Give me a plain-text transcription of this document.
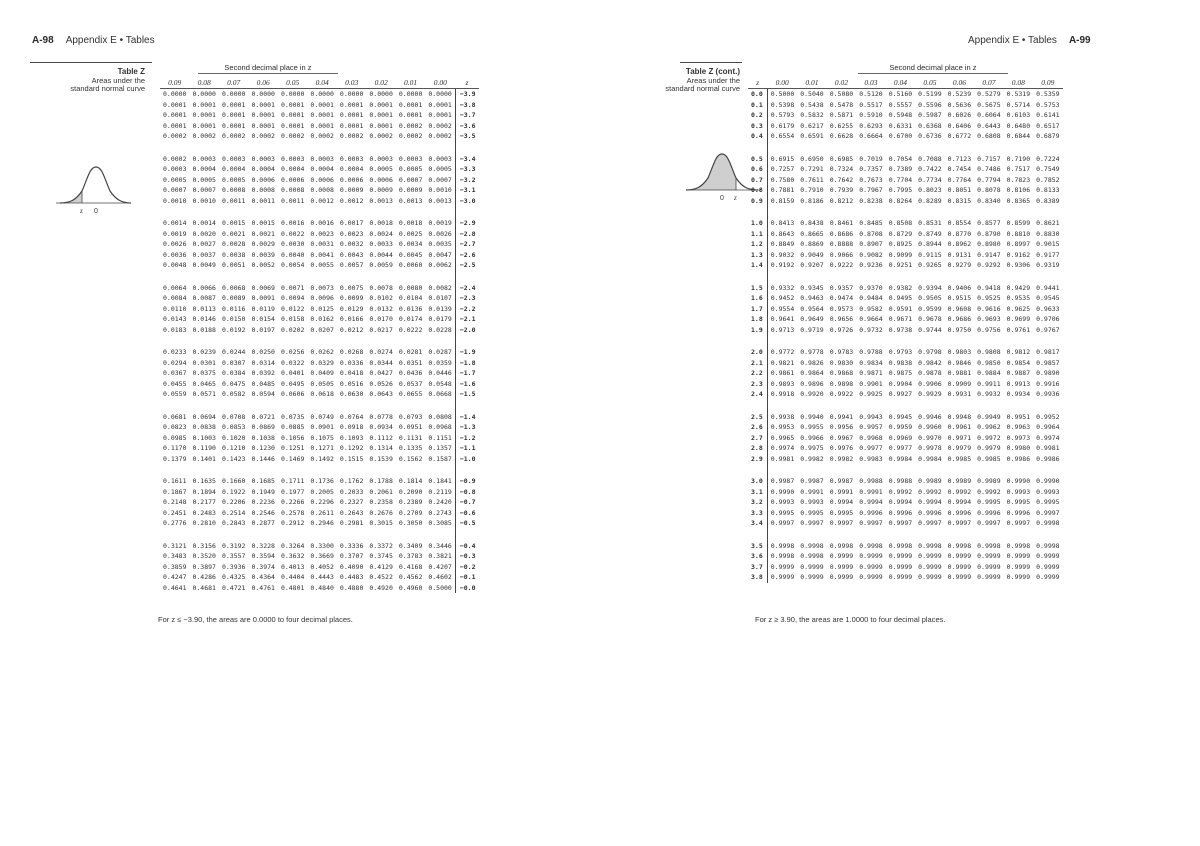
A-98 Appendix E • Tables	Appendix E • Tables A-99
Table Z
Areas under the
standard normal curve
z 0
Second decimal place in z
0.09	0.08	0.07	0.06	0.05	0.04	0.03	0.02	0.01	0.00	z
0.0000	0.0000	0.0000	0.0000	0.0000	0.0000	0.0000	0.0000	0.0000	0.0000	−3.9
0.0001	0.0001	0.0001	0.0001	0.0001	0.0001	0.0001	0.0001	0.0001	0.0001	−3.8
0.0001	0.0001	0.0001	0.0001	0.0001	0.0001	0.0001	0.0001	0.0001	0.0001	−3.7
0.0001	0.0001	0.0001	0.0001	0.0001	0.0001	0.0001	0.0001	0.0002	0.0002	−3.6
0.0002	0.0002	0.0002	0.0002	0.0002	0.0002	0.0002	0.0002	0.0002	0.0002	−3.5
0.0002	0.0003	0.0003	0.0003	0.0003	0.0003	0.0003	0.0003	0.0003	0.0003	−3.4
0.0003	0.0004	0.0004	0.0004	0.0004	0.0004	0.0004	0.0005	0.0005	0.0005	−3.3
0.0005	0.0005	0.0005	0.0006	0.0006	0.0006	0.0006	0.0006	0.0007	0.0007	−3.2
0.0007	0.0007	0.0008	0.0008	0.0008	0.0008	0.0009	0.0009	0.0009	0.0010	−3.1
0.0010	0.0010	0.0011	0.0011	0.0011	0.0012	0.0012	0.0013	0.0013	0.0013	−3.0
0.0014	0.0014	0.0015	0.0015	0.0016	0.0016	0.0017	0.0018	0.0018	0.0019	−2.9
0.0019	0.0020	0.0021	0.0021	0.0022	0.0023	0.0023	0.0024	0.0025	0.0026	−2.8
0.0026	0.0027	0.0028	0.0029	0.0030	0.0031	0.0032	0.0033	0.0034	0.0035	−2.7
0.0036	0.0037	0.0038	0.0039	0.0040	0.0041	0.0043	0.0044	0.0045	0.0047	−2.6
0.0048	0.0049	0.0051	0.0052	0.0054	0.0055	0.0057	0.0059	0.0060	0.0062	−2.5
0.0064	0.0066	0.0068	0.0069	0.0071	0.0073	0.0075	0.0078	0.0080	0.0082	−2.4
0.0084	0.0087	0.0089	0.0091	0.0094	0.0096	0.0099	0.0102	0.0104	0.0107	−2.3
0.0110	0.0113	0.0116	0.0119	0.0122	0.0125	0.0129	0.0132	0.0136	0.0139	−2.2
0.0143	0.0146	0.0150	0.0154	0.0158	0.0162	0.0166	0.0170	0.0174	0.0179	−2.1
0.0183	0.0188	0.0192	0.0197	0.0202	0.0207	0.0212	0.0217	0.0222	0.0228	−2.0
0.0233	0.0239	0.0244	0.0250	0.0256	0.0262	0.0268	0.0274	0.0281	0.0287	−1.9
0.0294	0.0301	0.0307	0.0314	0.0322	0.0329	0.0336	0.0344	0.0351	0.0359	−1.8
0.0367	0.0375	0.0384	0.0392	0.0401	0.0409	0.0418	0.0427	0.0436	0.0446	−1.7
0.0455	0.0465	0.0475	0.0485	0.0495	0.0505	0.0516	0.0526	0.0537	0.0548	−1.6
0.0559	0.0571	0.0582	0.0594	0.0606	0.0618	0.0630	0.0643	0.0655	0.0668	−1.5
0.0681	0.0694	0.0708	0.0721	0.0735	0.0749	0.0764	0.0778	0.0793	0.0808	−1.4
0.0823	0.0838	0.0853	0.0869	0.0885	0.0901	0.0918	0.0934	0.0951	0.0968	−1.3
0.0985	0.1003	0.1020	0.1038	0.1056	0.1075	0.1093	0.1112	0.1131	0.1151	−1.2
0.1170	0.1190	0.1210	0.1230	0.1251	0.1271	0.1292	0.1314	0.1335	0.1357	−1.1
0.1379	0.1401	0.1423	0.1446	0.1469	0.1492	0.1515	0.1539	0.1562	0.1587	−1.0
0.1611	0.1635	0.1660	0.1685	0.1711	0.1736	0.1762	0.1788	0.1814	0.1841	−0.9
0.1867	0.1894	0.1922	0.1949	0.1977	0.2005	0.2033	0.2061	0.2090	0.2119	−0.8
0.2148	0.2177	0.2206	0.2236	0.2266	0.2296	0.2327	0.2358	0.2389	0.2420	−0.7
0.2451	0.2483	0.2514	0.2546	0.2578	0.2611	0.2643	0.2676	0.2709	0.2743	−0.6
0.2776	0.2810	0.2843	0.2877	0.2912	0.2946	0.2981	0.3015	0.3050	0.3085	−0.5
0.3121	0.3156	0.3192	0.3228	0.3264	0.3300	0.3336	0.3372	0.3409	0.3446	−0.4
0.3483	0.3520	0.3557	0.3594	0.3632	0.3669	0.3707	0.3745	0.3783	0.3821	−0.3
0.3859	0.3897	0.3936	0.3974	0.4013	0.4052	0.4090	0.4129	0.4168	0.4207	−0.2
0.4247	0.4286	0.4325	0.4364	0.4404	0.4443	0.4483	0.4522	0.4562	0.4602	−0.1
0.4641	0.4681	0.4721	0.4761	0.4801	0.4840	0.4880	0.4920	0.4960	0.5000	−0.0
For z ≤ −3.90, the areas are 0.0000 to four decimal places.
Table Z (cont.)
Areas under the
standard normal curve
0 z
Second decimal place in z
z	0.00	0.01	0.02	0.03	0.04	0.05	0.06	0.07	0.08	0.09
0.0	0.5000	0.5040	0.5080	0.5120	0.5160	0.5199	0.5239	0.5279	0.5319	0.5359
0.1	0.5398	0.5438	0.5478	0.5517	0.5557	0.5596	0.5636	0.5675	0.5714	0.5753
0.2	0.5793	0.5832	0.5871	0.5910	0.5948	0.5987	0.6026	0.6064	0.6103	0.6141
0.3	0.6179	0.6217	0.6255	0.6293	0.6331	0.6368	0.6406	0.6443	0.6480	0.6517
0.4	0.6554	0.6591	0.6628	0.6664	0.6700	0.6736	0.6772	0.6808	0.6844	0.6879
0.5	0.6915	0.6950	0.6985	0.7019	0.7054	0.7088	0.7123	0.7157	0.7190	0.7224
0.6	0.7257	0.7291	0.7324	0.7357	0.7389	0.7422	0.7454	0.7486	0.7517	0.7549
0.7	0.7580	0.7611	0.7642	0.7673	0.7704	0.7734	0.7764	0.7794	0.7823	0.7852
0.8	0.7881	0.7910	0.7939	0.7967	0.7995	0.8023	0.8051	0.8078	0.8106	0.8133
0.9	0.8159	0.8186	0.8212	0.8238	0.8264	0.8289	0.8315	0.8340	0.8365	0.8389
1.0	0.8413	0.8438	0.8461	0.8485	0.8508	0.8531	0.8554	0.8577	0.8599	0.8621
1.1	0.8643	0.8665	0.8686	0.8708	0.8729	0.8749	0.8770	0.8790	0.8810	0.8830
1.2	0.8849	0.8869	0.8888	0.8907	0.8925	0.8944	0.8962	0.8980	0.8997	0.9015
1.3	0.9032	0.9049	0.9066	0.9082	0.9099	0.9115	0.9131	0.9147	0.9162	0.9177
1.4	0.9192	0.9207	0.9222	0.9236	0.9251	0.9265	0.9279	0.9292	0.9306	0.9319
1.5	0.9332	0.9345	0.9357	0.9370	0.9382	0.9394	0.9406	0.9418	0.9429	0.9441
1.6	0.9452	0.9463	0.9474	0.9484	0.9495	0.9505	0.9515	0.9525	0.9535	0.9545
1.7	0.9554	0.9564	0.9573	0.9582	0.9591	0.9599	0.9608	0.9616	0.9625	0.9633
1.8	0.9641	0.9649	0.9656	0.9664	0.9671	0.9678	0.9686	0.9693	0.9699	0.9706
1.9	0.9713	0.9719	0.9726	0.9732	0.9738	0.9744	0.9750	0.9756	0.9761	0.9767
2.0	0.9772	0.9778	0.9783	0.9788	0.9793	0.9798	0.9803	0.9808	0.9812	0.9817
2.1	0.9821	0.9826	0.9830	0.9834	0.9838	0.9842	0.9846	0.9850	0.9854	0.9857
2.2	0.9861	0.9864	0.9868	0.9871	0.9875	0.9878	0.9881	0.9884	0.9887	0.9890
2.3	0.9893	0.9896	0.9898	0.9901	0.9904	0.9906	0.9909	0.9911	0.9913	0.9916
2.4	0.9918	0.9920	0.9922	0.9925	0.9927	0.9929	0.9931	0.9932	0.9934	0.9936
2.5	0.9938	0.9940	0.9941	0.9943	0.9945	0.9946	0.9948	0.9949	0.9951	0.9952
2.6	0.9953	0.9955	0.9956	0.9957	0.9959	0.9960	0.9961	0.9962	0.9963	0.9964
2.7	0.9965	0.9966	0.9967	0.9968	0.9969	0.9970	0.9971	0.9972	0.9973	0.9974
2.8	0.9974	0.9975	0.9976	0.9977	0.9977	0.9978	0.9979	0.9979	0.9980	0.9981
2.9	0.9981	0.9982	0.9982	0.9983	0.9984	0.9984	0.9985	0.9985	0.9986	0.9986
3.0	0.9987	0.9987	0.9987	0.9988	0.9988	0.9989	0.9989	0.9989	0.9990	0.9990
3.1	0.9990	0.9991	0.9991	0.9991	0.9992	0.9992	0.9992	0.9992	0.9993	0.9993
3.2	0.9993	0.9993	0.9994	0.9994	0.9994	0.9994	0.9994	0.9995	0.9995	0.9995
3.3	0.9995	0.9995	0.9995	0.9996	0.9996	0.9996	0.9996	0.9996	0.9996	0.9997
3.4	0.9997	0.9997	0.9997	0.9997	0.9997	0.9997	0.9997	0.9997	0.9997	0.9998
3.5	0.9998	0.9998	0.9998	0.9998	0.9998	0.9998	0.9998	0.9998	0.9998	0.9998
3.6	0.9998	0.9998	0.9999	0.9999	0.9999	0.9999	0.9999	0.9999	0.9999	0.9999
3.7	0.9999	0.9999	0.9999	0.9999	0.9999	0.9999	0.9999	0.9999	0.9999	0.9999
3.8	0.9999	0.9999	0.9999	0.9999	0.9999	0.9999	0.9999	0.9999	0.9999	0.9999
For z ≥ 3.90, the areas are 1.0000 to four decimal places.
